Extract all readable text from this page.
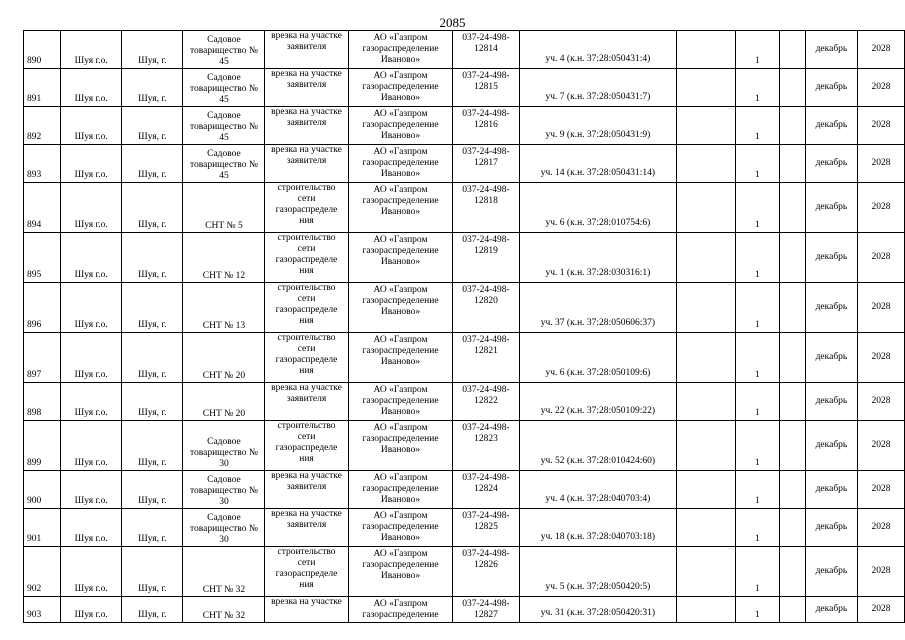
2085
890	Шуя г.о.	Шуя, г.	Садовое товарищество № 45	врезка на участке заявителя	АО «Газпром газораспределение Иваново»	037-24-498-12814	уч. 4 (к.н. 37:28:050431:4)		1		декабрь	2028
891	Шуя г.о.	Шуя, г.	Садовое товарищество № 45	врезка на участке заявителя	АО «Газпром газораспределение Иваново»	037-24-498-12815	уч. 7 (к.н. 37:28:050431:7)		1		декабрь	2028
892	Шуя г.о.	Шуя, г.	Садовое товарищество № 45	врезка на участке заявителя	АО «Газпром газораспределение Иваново»	037-24-498-12816	уч. 9 (к.н. 37:28:050431:9)		1		декабрь	2028
893	Шуя г.о.	Шуя, г.	Садовое товарищество № 45	врезка на участке заявителя	АО «Газпром газораспределение Иваново»	037-24-498-12817	уч. 14 (к.н. 37:28:050431:14)		1		декабрь	2028
894	Шуя г.о.	Шуя, г.	СНТ № 5	строительство сети газораспределе ния	АО «Газпром газораспределение Иваново»	037-24-498-12818	уч. 6 (к.н. 37:28:010754:6)		1		декабрь	2028
895	Шуя г.о.	Шуя, г.	СНТ № 12	строительство сети газораспределе ния	АО «Газпром газораспределение Иваново»	037-24-498-12819	уч. 1 (к.н. 37:28:030316:1)		1		декабрь	2028
896	Шуя г.о.	Шуя, г.	СНТ № 13	строительство сети газораспределе ния	АО «Газпром газораспределение Иваново»	037-24-498-12820	уч. 37 (к.н. 37:28:050606:37)		1		декабрь	2028
897	Шуя г.о.	Шуя, г.	СНТ № 20	строительство сети газораспределе ния	АО «Газпром газораспределение Иваново»	037-24-498-12821	уч. 6 (к.н. 37:28:050109:6)		1		декабрь	2028
898	Шуя г.о.	Шуя, г.	СНТ № 20	врезка на участке заявителя	АО «Газпром газораспределение Иваново»	037-24-498-12822	уч. 22 (к.н. 37:28:050109:22)		1		декабрь	2028
899	Шуя г.о.	Шуя, г.	Садовое товарищество № 30	строительство сети газораспределе ния	АО «Газпром газораспределение Иваново»	037-24-498-12823	уч. 52 (к.н. 37:28:010424:60)		1		декабрь	2028
900	Шуя г.о.	Шуя, г.	Садовое товарищество № 30	врезка на участке заявителя	АО «Газпром газораспределение Иваново»	037-24-498-12824	уч. 4 (к.н. 37:28:040703:4)		1		декабрь	2028
901	Шуя г.о.	Шуя, г.	Садовое товарищество № 30	врезка на участке заявителя	АО «Газпром газораспределение Иваново»	037-24-498-12825	уч. 18 (к.н. 37:28:040703:18)		1		декабрь	2028
902	Шуя г.о.	Шуя, г.	СНТ № 32	строительство сети газораспределе ния	АО «Газпром газораспределение Иваново»	037-24-498-12826	уч. 5 (к.н. 37:28:050420:5)		1		декабрь	2028
903	Шуя г.о.	Шуя, г.	СНТ № 32	врезка на участке	АО «Газпром газораспределение	037-24-498-12827	уч. 31 (к.н. 37:28:050420:31)		1		декабрь	2028
